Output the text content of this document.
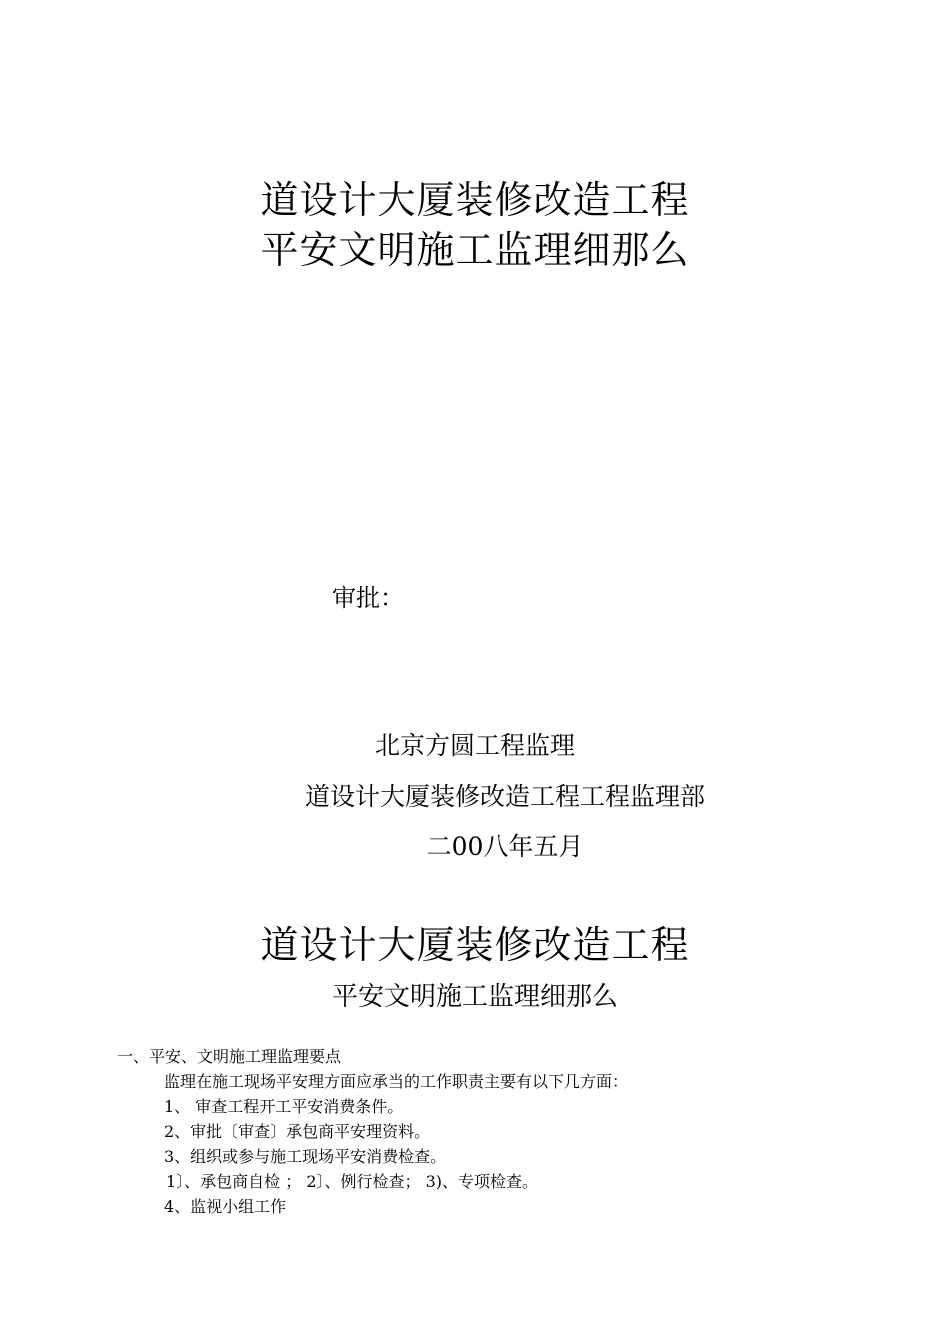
道设计大厦装修改造工程
平安文明施工监理细那么
审批：
北京方圆工程监理
道设计大厦装修改造工程工程监理部
二00八年五月
道设计大厦装修改造工程
平安文明施工监理细那么
一、平安、文明施工理监理要点
监理在施工现场平安理方面应承当的工作职责主要有以下几方面：
1、 审查工程开工平安消费条件。
2、审批〔审查〕承包商平安理资料。
3、组织或参与施工现场平安消费检查。
1〕、承包商自检 ； 2〕、例行检查； 3)、专项检查。
4、监视小组工作
